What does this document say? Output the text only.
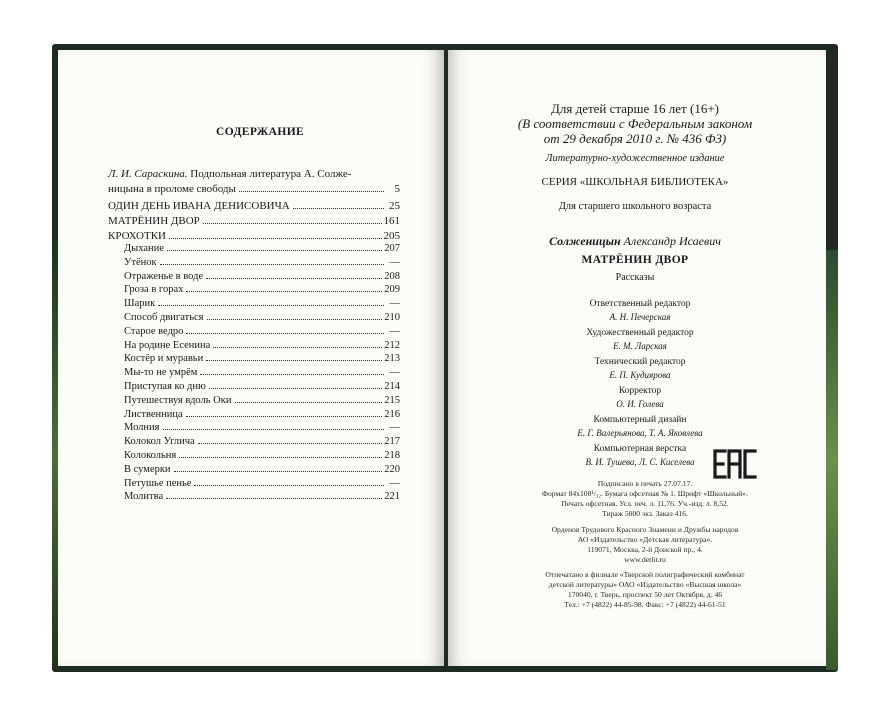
СОДЕРЖАНИЕ
Л. И. Сараскина. Подпольная литература А. Солже-
ницына в проломе свободы	5
ОДИН ДЕНЬ ИВАНА ДЕНИСОВИЧА	25
МАТРЁНИН ДВОР	161
КРОХОТКИ	205
Дыхание	207
Утёнок	—
Отраженье в воде	208
Гроза в горах	209
Шарик	—
Способ двигаться	210
Старое ведро	—
На родине Есенина	212
Костёр и муравьи	213
Мы-то не умрём	—
Приступая ко дню	214
Путешествуя вдоль Оки	215
Лиственница	216
Молния	—
Колокол Углича	217
Колокольня	218
В сумерки	220
Петушье пенье	—
Молитва	221
Для детей старше 16 лет (16+)
(В соответствии с Федеральным законом
от 29 декабря 2010 г. № 436 ФЗ)
Литературно-художественное издание
СЕРИЯ «ШКОЛЬНАЯ БИБЛИОТЕКА»
Для старшего школьного возраста
Солженицын Александр Исаевич
МАТРЁНИН ДВОР
Рассказы
Ответственный редактор
А. Н. Печерская
Художественный редактор
Е. М. Ларская
Технический редактор
Е. П. Кудиярова
Корректор
О. И. Голева
Компьютерный дизайн
Е. Г. Валерьянова, Т. А. Яковлева
Компьютерная верстка
В. И. Тушева, Л. С. Киселева
Подписано в печать 27.07.17.
Формат 84х108¹/₃₂. Бумага офсетная № 1. Шрифт «Школьный».
Печать офсетная. Усл. печ. л. 11,76. Уч.-изд. л. 8,52.
Тираж 5000 экз. Заказ 416.
Орденов Трудового Красного Знамени и Дружбы народов
АО «Издательство «Детская литература».
119071, Москва, 2-й Донской пр., 4.
www.detlit.ru
Отпечатано в филиале «Тверской полиграфический комбинат
детской литературы» ОАО «Издательство «Высшая школа»
170040, г. Тверь, проспект 50 лет Октября, д. 46
Тел.: +7 (4822) 44-85-98. Факс: +7 (4822) 44-61-51
